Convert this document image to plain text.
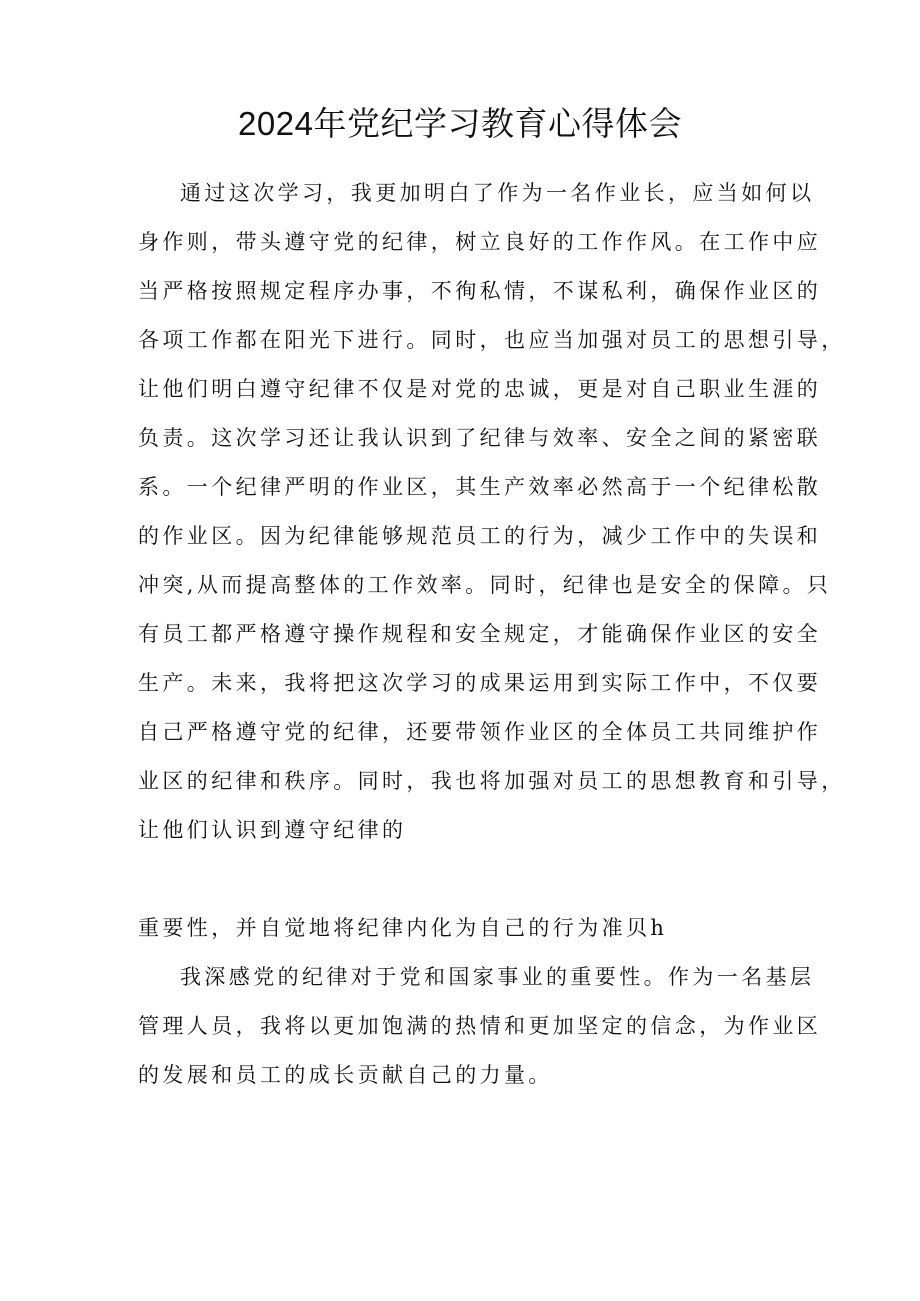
2024年党纪学习教育心得体会
通过这次学习，我更加明白了作为一名作业长，应当如何以
身作则，带头遵守党的纪律，树立良好的工作作风。在工作中应
当严格按照规定程序办事，不徇私情，不谋私利，确保作业区的
各项工作都在阳光下进行。同时，也应当加强对员工的思想引导，
让他们明白遵守纪律不仅是对党的忠诚，更是对自己职业生涯的
负责。这次学习还让我认识到了纪律与效率、安全之间的紧密联
系。一个纪律严明的作业区，其生产效率必然高于一个纪律松散
的作业区。因为纪律能够规范员工的行为，减少工作中的失误和
冲突,从而提高整体的工作效率。同时，纪律也是安全的保障。只
有员工都严格遵守操作规程和安全规定，才能确保作业区的安全
生产。未来，我将把这次学习的成果运用到实际工作中，不仅要
自己严格遵守党的纪律，还要带领作业区的全体员工共同维护作
业区的纪律和秩序。同时，我也将加强对员工的思想教育和引导，
让他们认识到遵守纪律的
重要性，并自觉地将纪律内化为自己的行为准贝h
我深感党的纪律对于党和国家事业的重要性。作为一名基层
管理人员，我将以更加饱满的热情和更加坚定的信念，为作业区
的发展和员工的成长贡献自己的力量。
